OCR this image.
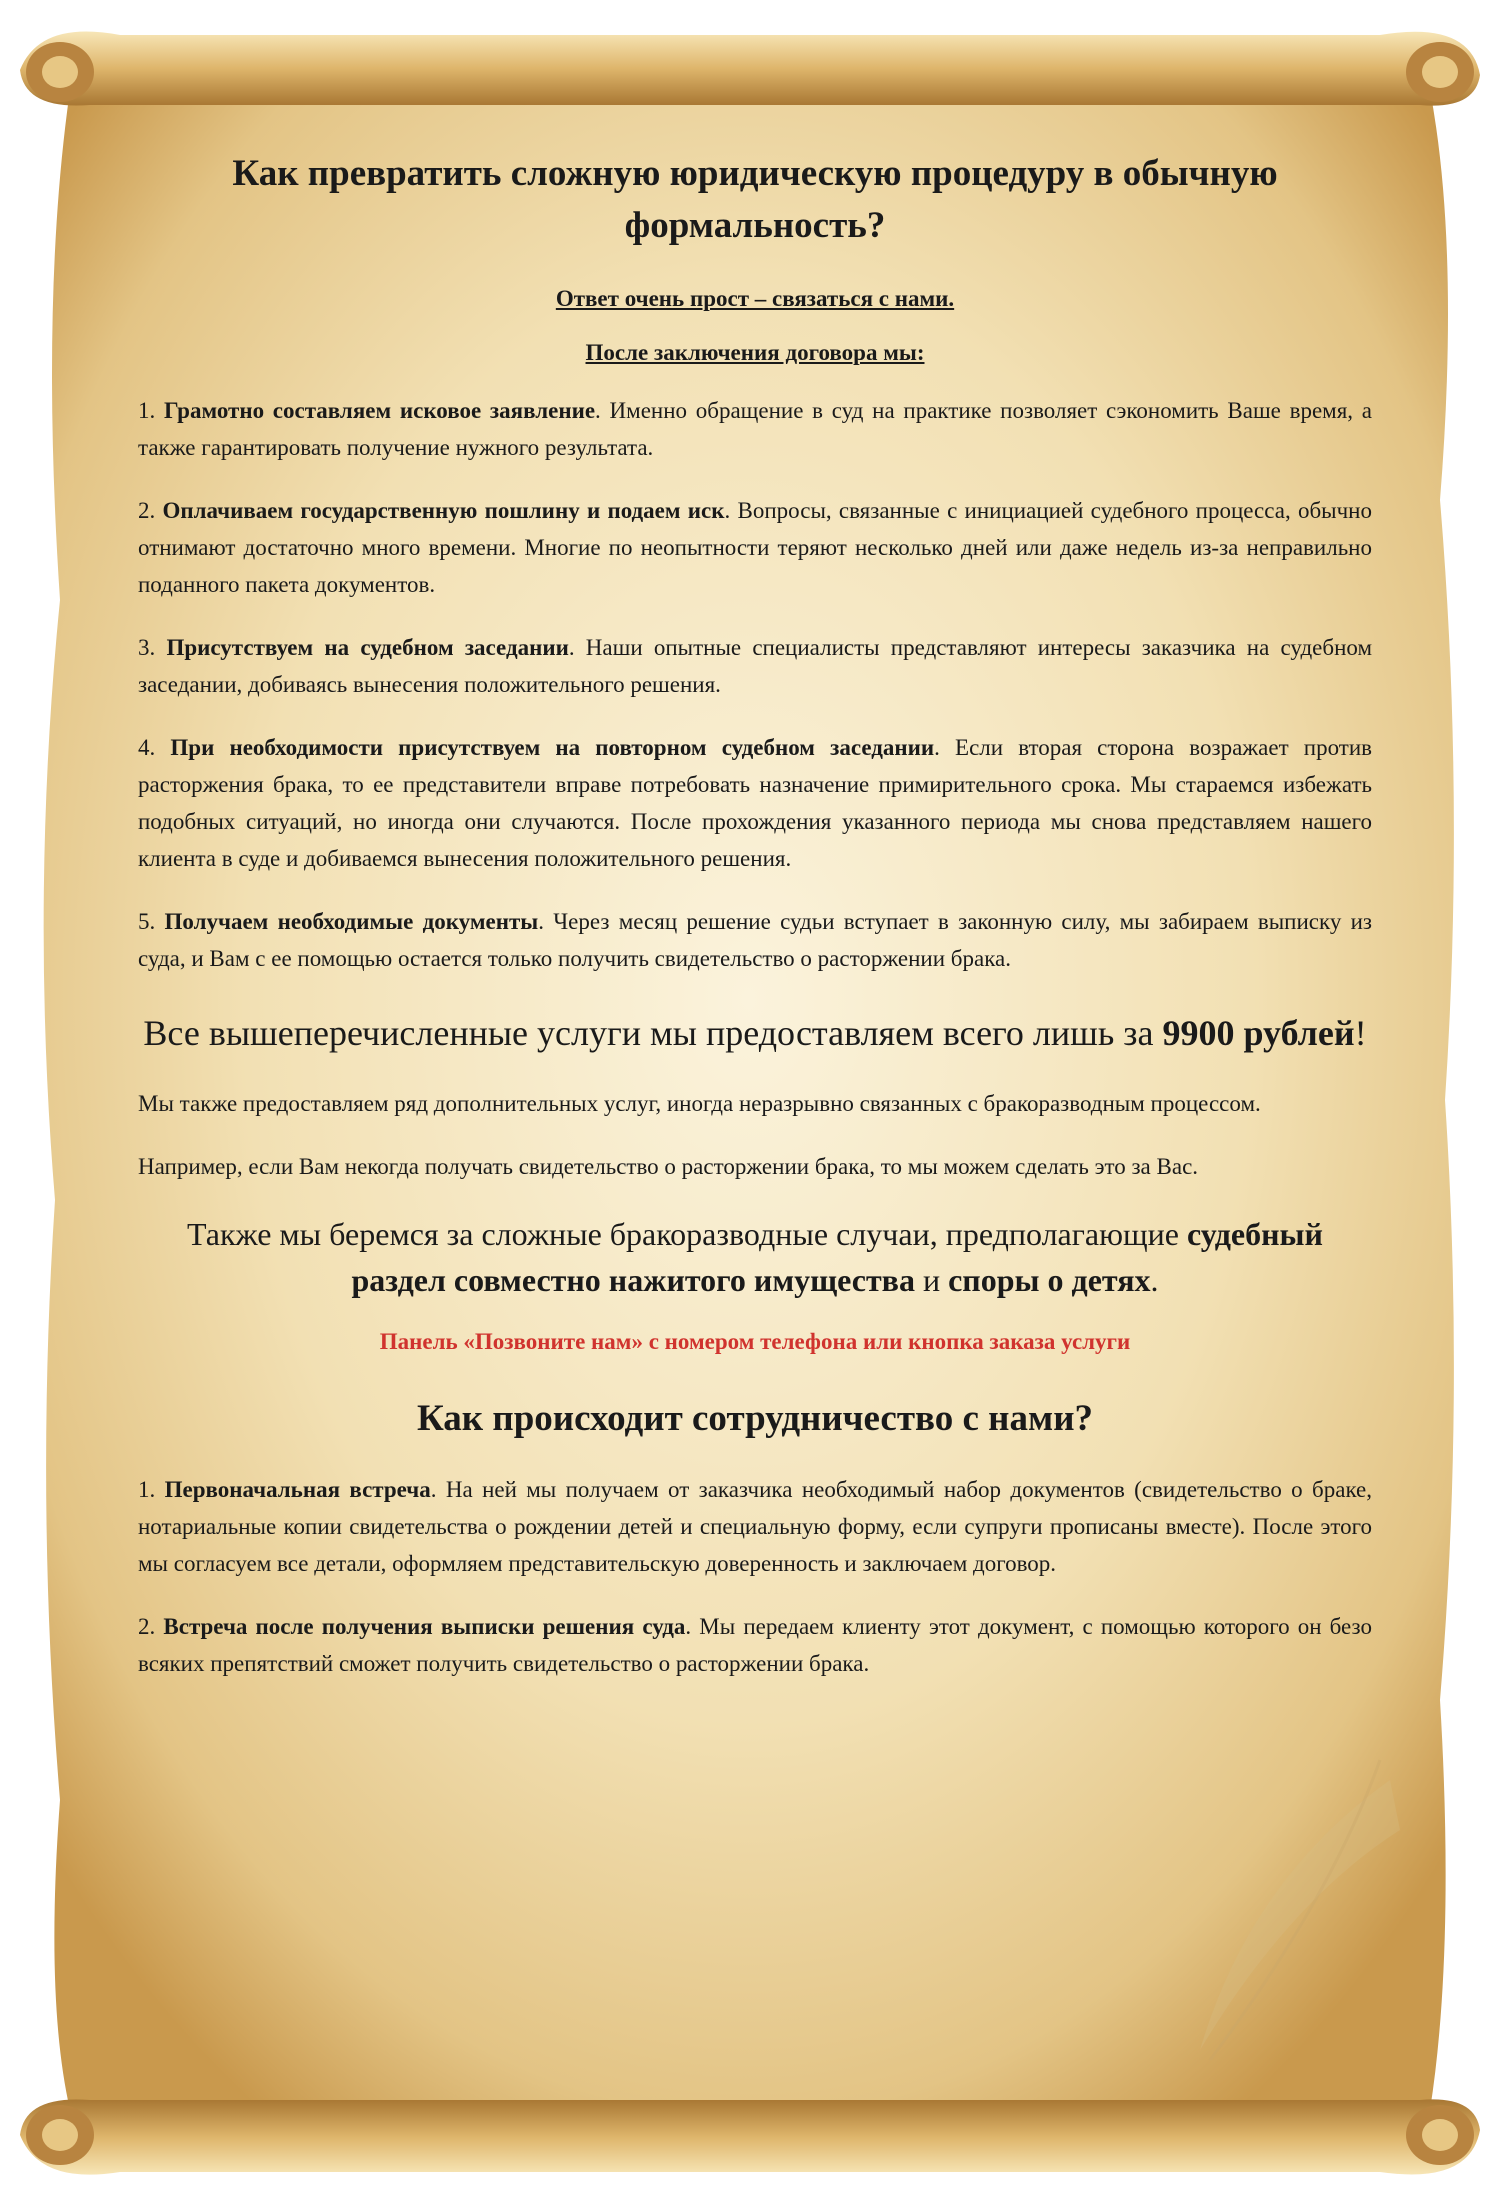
Как превратить сложную юридическую процедуру в обычную формальность?

Ответ очень прост – связаться с нами.

После заключения договора мы:

1. Грамотно составляем исковое заявление. Именно обращение в суд на практике позволяет сэкономить Ваше время, а также гарантировать получение нужного результата.

2. Оплачиваем государственную пошлину и подаем иск. Вопросы, связанные с инициацией судебного процесса, обычно отнимают достаточно много времени. Многие по неопытности теряют несколько дней или даже недель из-за неправильно поданного пакета документов.

3. Присутствуем на судебном заседании. Наши опытные специалисты представляют интересы заказчика на судебном заседании, добиваясь вынесения положительного решения.

4. При необходимости присутствуем на повторном судебном заседании. Если вторая сторона возражает против расторжения брака, то ее представители вправе потребовать назначение примирительного срока. Мы стараемся избежать подобных ситуаций, но иногда они случаются. После прохождения указанного периода мы снова представляем нашего клиента в суде и добиваемся вынесения положительного решения.

5. Получаем необходимые документы. Через месяц решение судьи вступает в законную силу, мы забираем выписку из суда, и Вам с ее помощью остается только получить свидетельство о расторжении брака.

Все вышеперечисленные услуги мы предоставляем всего лишь за 9900 рублей!

Мы также предоставляем ряд дополнительных услуг, иногда неразрывно связанных с бракоразводным процессом.

Например, если Вам некогда получать свидетельство о расторжении брака, то мы можем сделать это за Вас.

Также мы беремся за сложные бракоразводные случаи, предполагающие судебный раздел совместно нажитого имущества и споры о детях.

Панель «Позвоните нам» с номером телефона или кнопка заказа услуги

Как происходит сотрудничество с нами?

1. Первоначальная встреча. На ней мы получаем от заказчика необходимый набор документов (свидетельство о браке, нотариальные копии свидетельства о рождении детей и специальную форму, если супруги прописаны вместе). После этого мы согласуем все детали, оформляем представительскую доверенность и заключаем договор.

2. Встреча после получения выписки решения суда. Мы передаем клиенту этот документ, с помощью которого он безо всяких препятствий сможет получить свидетельство о расторжении брака.
